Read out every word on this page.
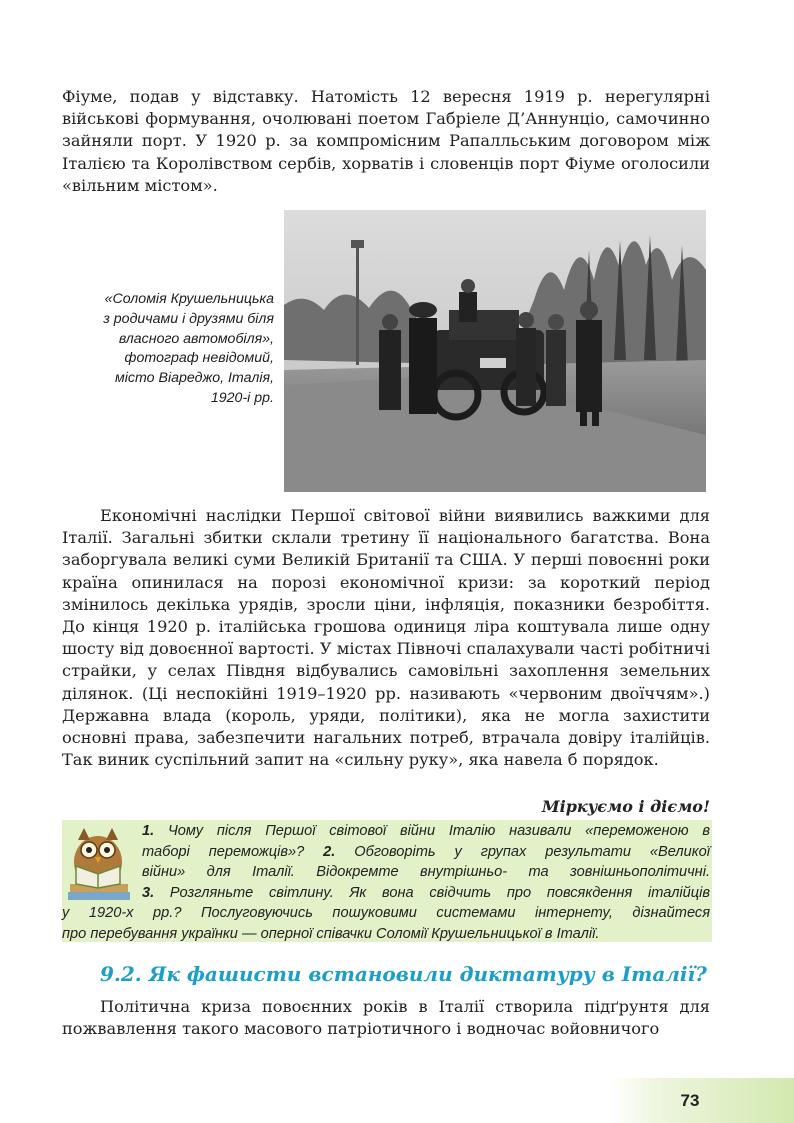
Фіуме, подав у відставку. Натомість 12 вересня 1919 р. нерегулярні військові формування, очолювані поетом Габріеле Д’Аннунціо, самочинно зайняли порт. У 1920 р. за компромісним Рапалльським договором між Італією та Королівством сербів, хорватів і словенців порт Фіуме оголосили «вільним містом».

«Соломія Крушельницька
з родичами і друзями біля
власного автомобіля»,
фотограф невідомий,
місто Віареджо, Італія,
1920-і рр.

Економічні наслідки Першої світової війни виявились важкими для Італії. Загальні збитки склали третину її національного багатства. Вона заборгувала великі суми Великій Британії та США. У перші повоєнні роки країна опинилася на порозі економічної кризи: за короткий період змінилось декілька урядів, зросли ціни, інфляція, показники безробіття. До кінця 1920 р. італійська грошова одиниця ліра коштувала лише одну шосту від довоєнної вартості. У містах Півночі спалахували часті робітничі страйки, у селах Півдня відбувались самовільні захоплення земельних ділянок. (Ці неспокійні 1919–1920 рр. називають «червоним двоїччям».) Державна влада (король, уряди, політики), яка не могла захистити основні права, забезпечити нагальних потреб, втрачала довіру італійців. Так виник суспільний запит на «сильну руку», яка навела б порядок.

Міркуємо і діємо!
1. Чому після Першої світової війни Італію називали «переможеною в
таборі переможців»? 2. Обговоріть у групах результати «Великої
війни» для Італії. Відокремте внутрішньо- та зовнішньополітичні.
3. Розгляньте світлину. Як вона свідчить про повсякдення італійців
у 1920-х рр.? Послуговуючись пошуковими системами інтернету, дізнайтеся
про перебування українки — оперної співачки Соломії Крушельницької в Італії.
9.2. Як фашисти встановили диктатуру в Італії?

Політична криза повоєнних років в Італії створила підґрунтя для пожвавлення такого масового патріотичного і водночас войовничого

73
